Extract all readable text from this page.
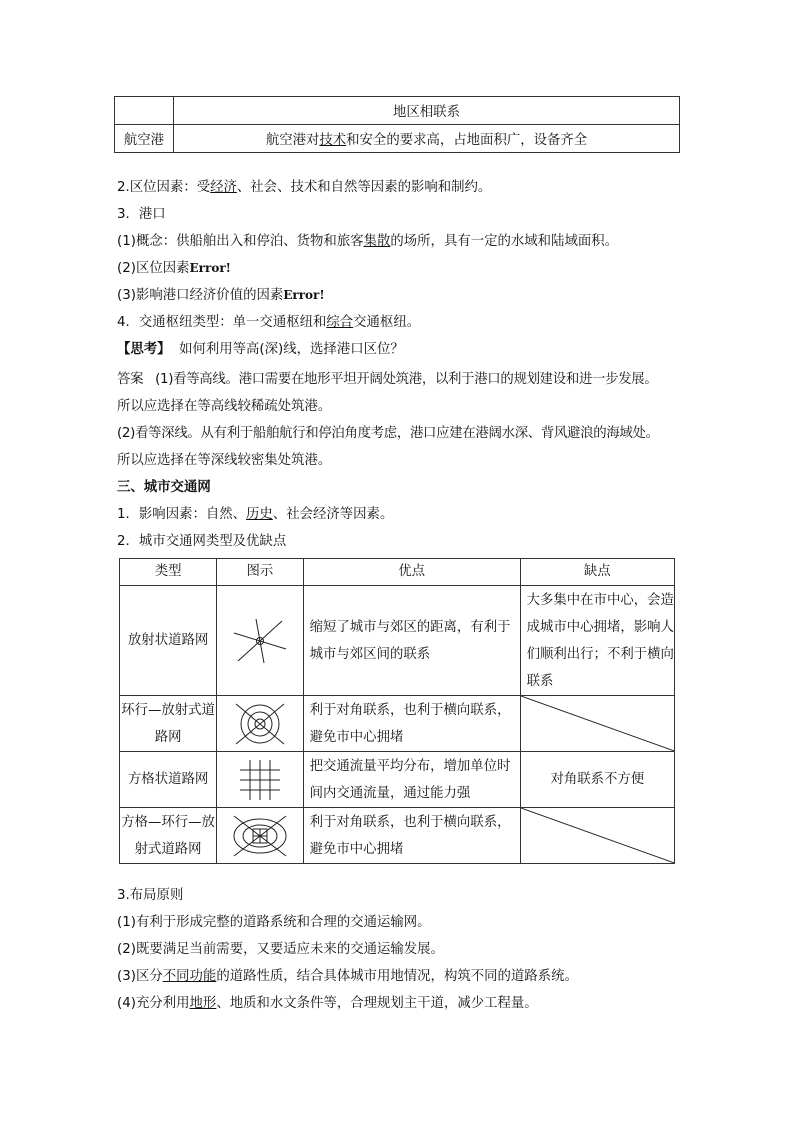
	地区相联系
航空港	航空港对技术和安全的要求高，占地面积广，设备齐全
2.区位因素：受经济、社会、技术和自然等因素的影响和制约。
3．港口
(1)概念：供船舶出入和停泊、货物和旅客集散的场所，具有一定的水域和陆域面积。
(2)区位因素Error!
(3)影响港口经济价值的因素Error!
4．交通枢纽类型：单一交通枢纽和综合交通枢纽。
【思考】 如何利用等高(深)线，选择港口区位？
答案 (1)看等高线。港口需要在地形平坦开阔处筑港，以利于港口的规划建设和进一步发展。
所以应选择在等高线较稀疏处筑港。
(2)看等深线。从有利于船舶航行和停泊角度考虑，港口应建在港阔水深、背风避浪的海域处。
所以应选择在等深线较密集处筑港。
三、城市交通网
1．影响因素：自然、历史、社会经济等因素。
2．城市交通网类型及优缺点
类型	图示	优点	缺点
放射状道路网		缩短了城市与郊区的距离，有利于城市与郊区间的联系	大多集中在市中心，会造成城市中心拥堵，影响人们顺利出行；不利于横向联系
环行—放射式道路网		利于对角联系，也利于横向联系，避免市中心拥堵	

方格状道路网		把交通流量平均分布，增加单位时间内交通流量，通过能力强	对角联系不方便
方格—环行—放射式道路网		利于对角联系，也利于横向联系，避免市中心拥堵	
3.布局原则
(1)有利于形成完整的道路系统和合理的交通运输网。
(2)既要满足当前需要，又要适应未来的交通运输发展。
(3)区分不同功能的道路性质，结合具体城市用地情况，构筑不同的道路系统。
(4)充分利用地形、地质和水文条件等，合理规划主干道，减少工程量。
